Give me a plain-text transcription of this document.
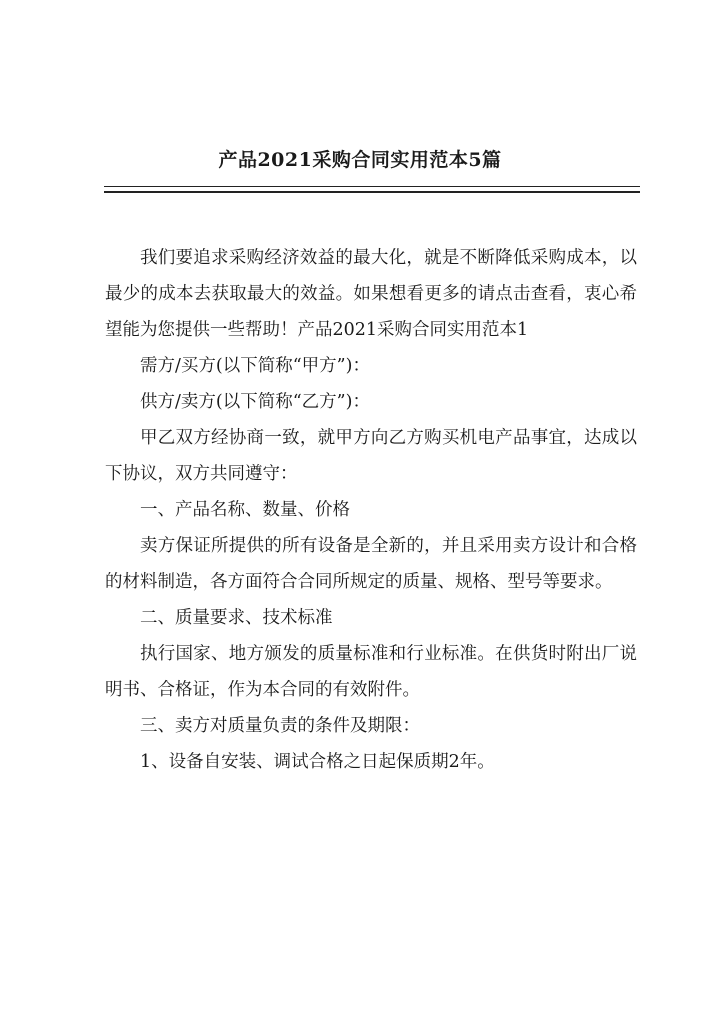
产品2021采购合同实用范本5篇

我们要追求采购经济效益的最大化，就是不断降低采购成本，以最少的成本去获取最大的效益。如果想看更多的请点击查看，衷心希望能为您提供一些帮助！产品2021采购合同实用范本1

需方/买方(以下简称“甲方”)：

供方/卖方(以下简称“乙方”)：

甲乙双方经协商一致，就甲方向乙方购买机电产品事宜，达成以下协议，双方共同遵守：

一、产品名称、数量、价格

卖方保证所提供的所有设备是全新的，并且采用卖方设计和合格的材料制造，各方面符合合同所规定的质量、规格、型号等要求。

二、质量要求、技术标准

执行国家、地方颁发的质量标准和行业标准。在供货时附出厂说明书、合格证，作为本合同的有效附件。

三、卖方对质量负责的条件及期限：

1、设备自安装、调试合格之日起保质期2年。
